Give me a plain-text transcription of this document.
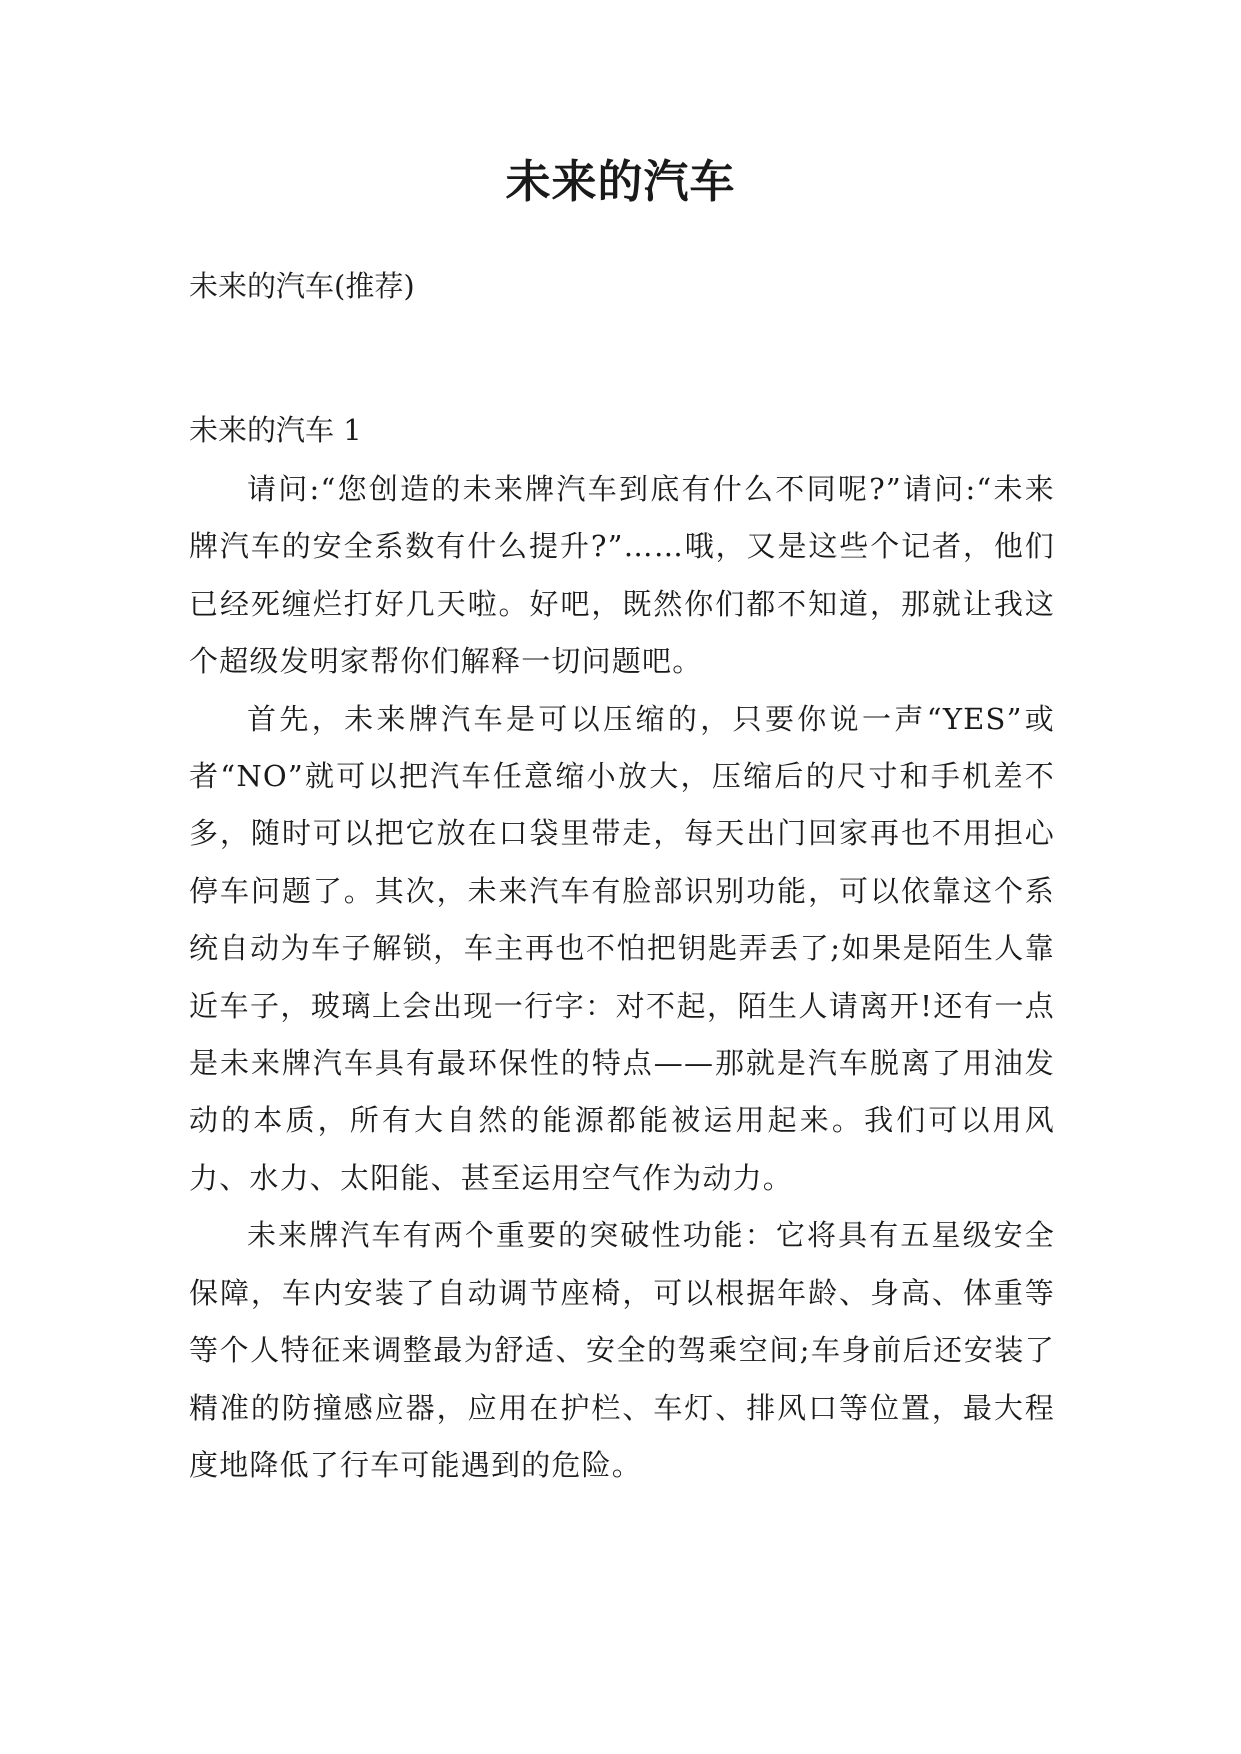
未来的汽车

未来的汽车(推荐)

未来的汽车 1

请问:“您创造的未来牌汽车到底有什么不同呢?”请问:“未来牌汽车的安全系数有什么提升?”……哦，又是这些个记者，他们已经死缠烂打好几天啦。好吧，既然你们都不知道，那就让我这个超级发明家帮你们解释一切问题吧。

首先，未来牌汽车是可以压缩的，只要你说一声“YES”或者“NO”就可以把汽车任意缩小放大，压缩后的尺寸和手机差不多，随时可以把它放在口袋里带走，每天出门回家再也不用担心停车问题了。其次，未来汽车有脸部识别功能，可以依靠这个系统自动为车子解锁，车主再也不怕把钥匙弄丢了;如果是陌生人靠近车子，玻璃上会出现一行字：对不起，陌生人请离开!还有一点是未来牌汽车具有最环保性的特点——那就是汽车脱离了用油发动的本质，所有大自然的能源都能被运用起来。我们可以用风力、水力、太阳能、甚至运用空气作为动力。

未来牌汽车有两个重要的突破性功能：它将具有五星级安全保障，车内安装了自动调节座椅，可以根据年龄、身高、体重等等个人特征来调整最为舒适、安全的驾乘空间;车身前后还安装了精准的防撞感应器，应用在护栏、车灯、排风口等位置，最大程度地降低了行车可能遇到的危险。
